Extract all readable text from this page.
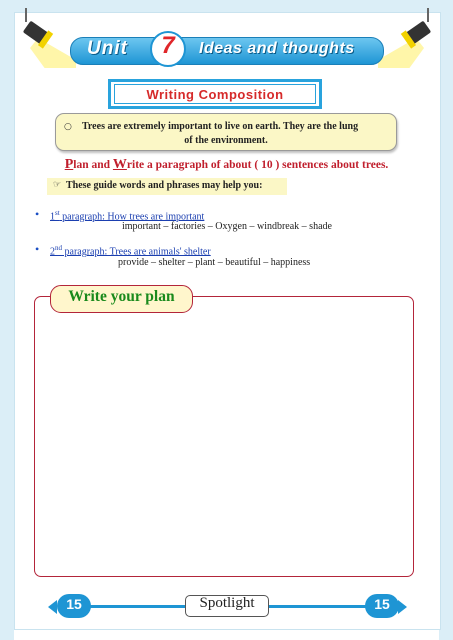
Unit	7	Ideas and thoughts
Writing Composition
○ Trees are extremely important to live on earth. They are the lung
of the environment.
Plan and Write a paragraph of about ( 10 ) sentences about trees.
☞ These guide words and phrases may help you:
• 1st paragraph: How trees are important
important – factories – Oxygen – windbreak – shade
• 2nd paragraph: Trees are animals' shelter
provide – shelter – plant – beautiful – happiness
Write your plan
15	15
Spotlight
